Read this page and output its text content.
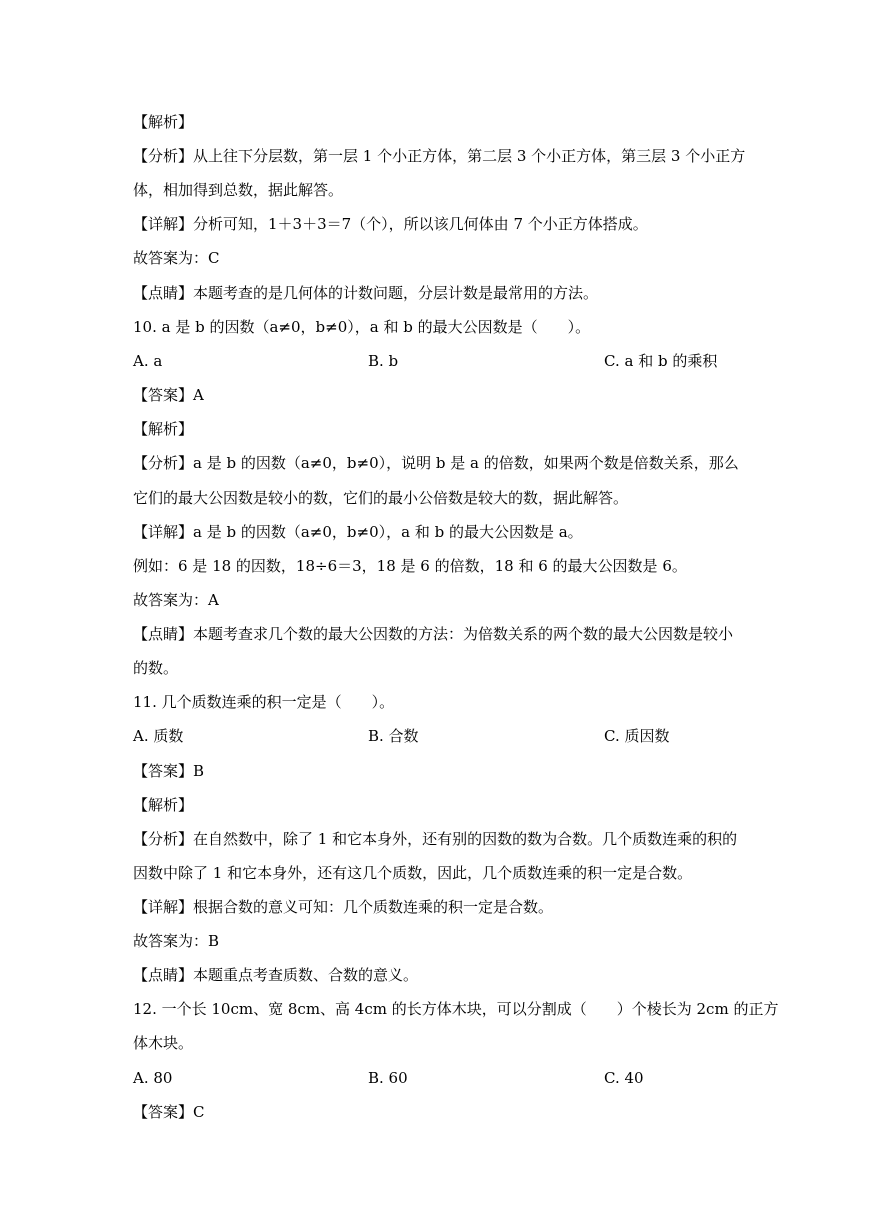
【解析】
【分析】从上往下分层数，第一层 1 个小正方体，第二层 3 个小正方体，第三层 3 个小正方
体，相加得到总数，据此解答。
【详解】分析可知，1＋3＋3＝7（个），所以该几何体由 7 个小正方体搭成。
故答案为：C
【点睛】本题考查的是几何体的计数问题，分层计数是最常用的方法。
10. a 是 b 的因数（a≠0，b≠0），a 和 b 的最大公因数是（　　）。
A. a	B. b	C. a 和 b 的乘积
【答案】A
【解析】
【分析】a 是 b 的因数（a≠0，b≠0），说明 b 是 a 的倍数，如果两个数是倍数关系，那么
它们的最大公因数是较小的数，它们的最小公倍数是较大的数，据此解答。
【详解】a 是 b 的因数（a≠0，b≠0），a 和 b 的最大公因数是 a。
例如：6 是 18 的因数，18÷6＝3，18 是 6 的倍数，18 和 6 的最大公因数是 6。
故答案为：A
【点睛】本题考查求几个数的最大公因数的方法：为倍数关系的两个数的最大公因数是较小
的数。
11. 几个质数连乘的积一定是（　　）。
A. 质数	B. 合数	C. 质因数
【答案】B
【解析】
【分析】在自然数中，除了 1 和它本身外，还有别的因数的数为合数。几个质数连乘的积的
因数中除了 1 和它本身外，还有这几个质数，因此，几个质数连乘的积一定是合数。
【详解】根据合数的意义可知：几个质数连乘的积一定是合数。
故答案为：B
【点睛】本题重点考查质数、合数的意义。
12. 一个长 10cm、宽 8cm、高 4cm 的长方体木块，可以分割成（　　）个棱长为 2cm 的正方
体木块。
A. 80	B. 60	C. 40
【答案】C
